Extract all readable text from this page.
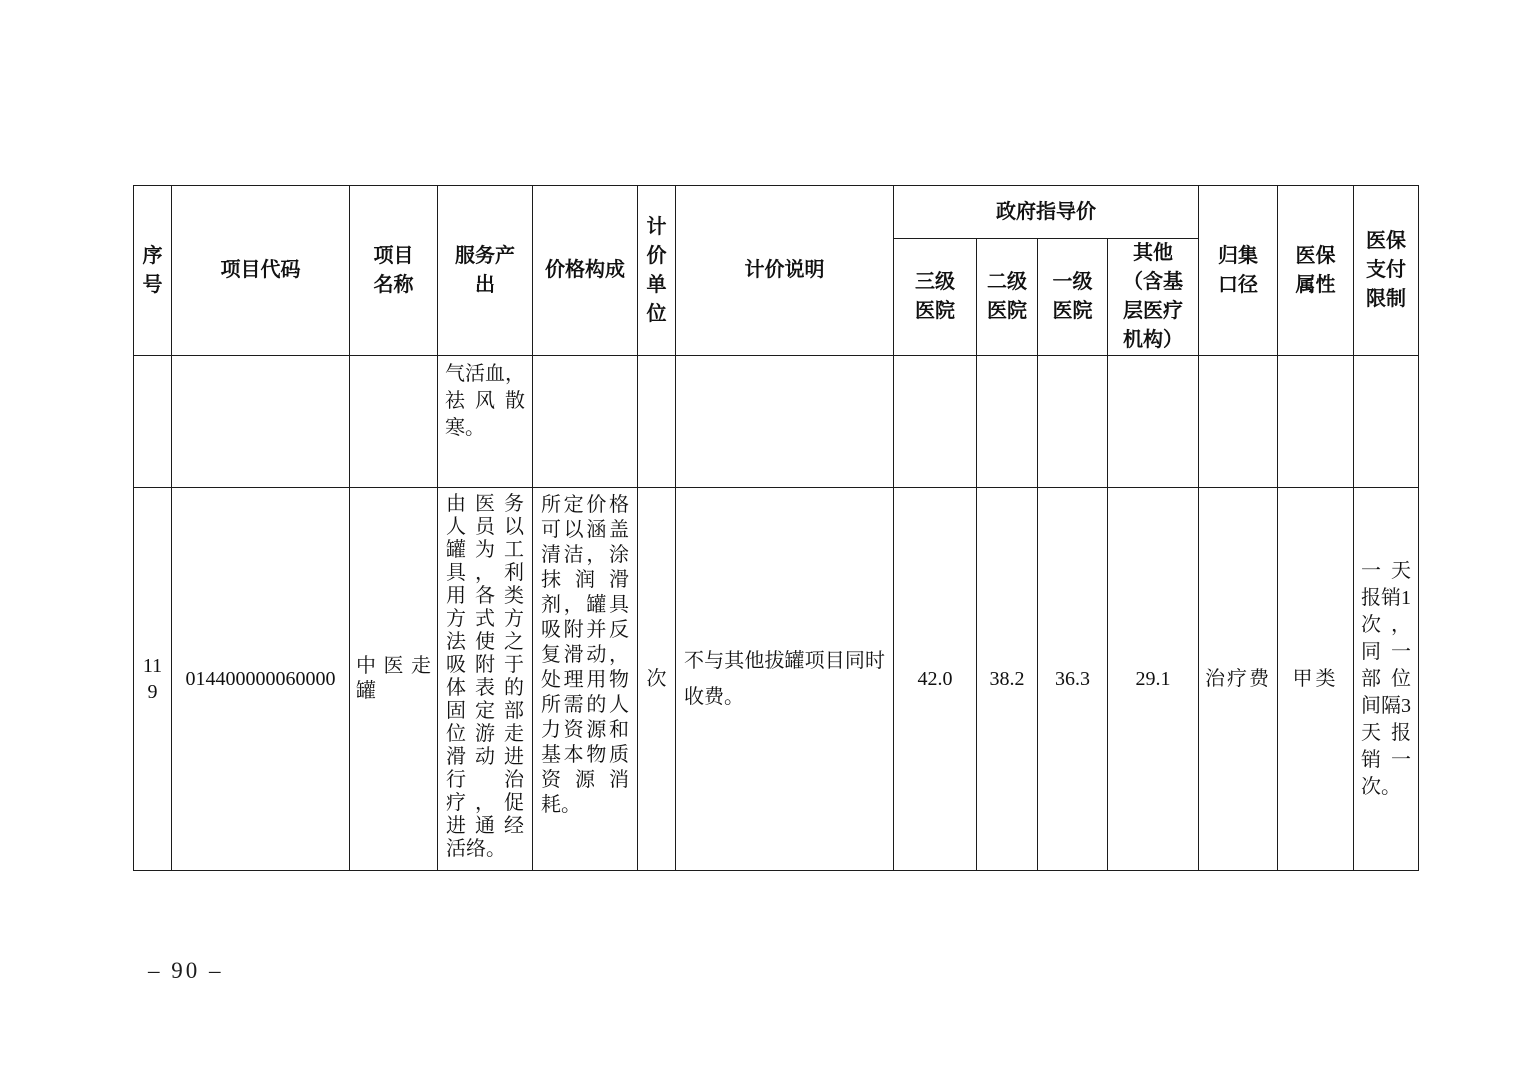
序号	项目代码	项目名称	服务产出	价格构成	计价单位	计价说明	政府指导价				归集口径	医保属性	医保支付限制
							三级医院	二级医院	一级医院	其他（含基层医疗机构）			
			气活血，祛风散寒。										
119	014400000060000	中医走罐	由医务人员以罐为工具，利用各类方式方法使之吸附于体表的固定部位游走滑动进行治疗，促进通经活络。	所定价格可以涵盖清洁，涂抹润滑剂，罐具吸附并反复滑动，处理用物所需的人力资源和基本物质资源消耗。	次	不与其他拔罐项目同时收费。	42.0	38.2	36.3	29.1	治疗费	甲类	一天报销1次，同一部位间隔3天报销一次。
– 90 –
